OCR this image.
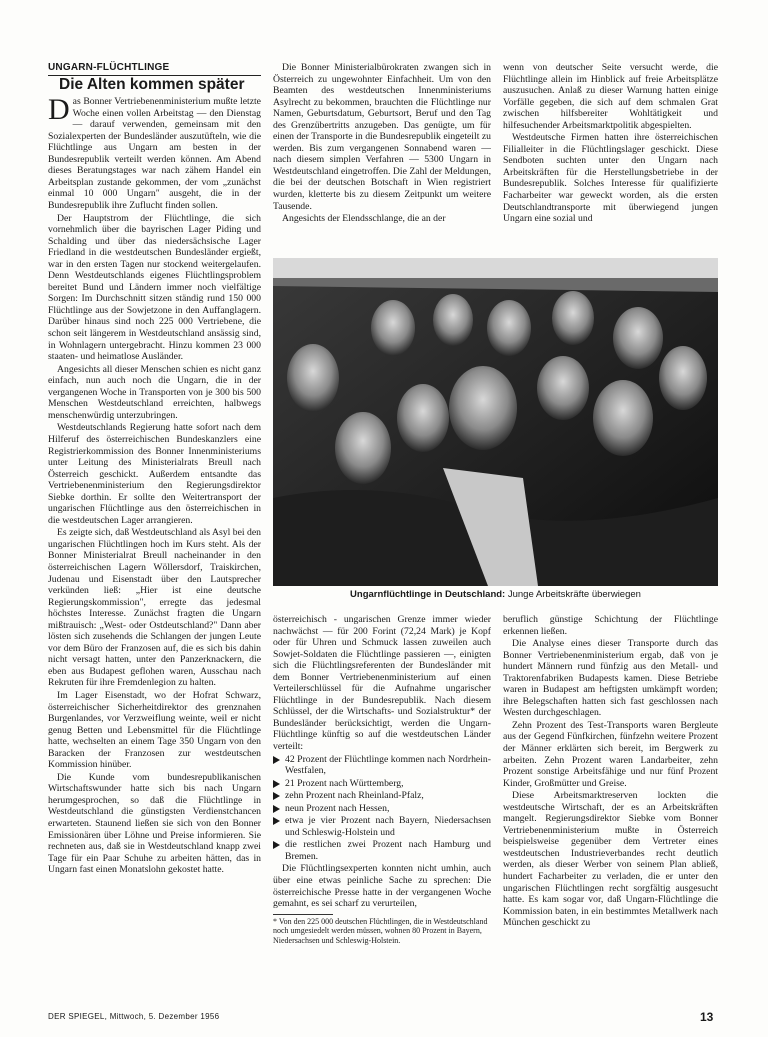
UNGARN-FLÜCHTLINGE
Die Alten kommen später

Das Bonner Vertriebenenministerium mußte letzte Woche einen vollen Arbeitstag — den Dienstag — darauf verwenden, gemeinsam mit den Sozialexperten der Bundesländer auszutüfteln, wie die Flüchtlinge aus Ungarn am besten in der Bundesrepublik verteilt werden können. Am Abend dieses Beratungstages war nach zähem Handel ein Arbeitsplan zustande gekommen, der vom „zunächst einmal 10 000 Ungarn" ausgeht, die in der Bundesrepublik ihre Zuflucht finden sollen.

Der Hauptstrom der Flüchtlinge, die sich vornehmlich über die bayrischen Lager Piding und Schalding und über das niedersächsische Lager Friedland in die westdeutschen Bundesländer ergießt, war in den ersten Tagen nur stockend weitergelaufen. Denn Westdeutschlands eigenes Flüchtlingsproblem bereitet Bund und Ländern immer noch vielfältige Sorgen: Im Durchschnitt sitzen ständig rund 150 000 Flüchtlinge aus der Sowjetzone in den Auffanglagern. Darüber hinaus sind noch 225 000 Vertriebene, die schon seit längerem in Westdeutschland ansässig sind, in Wohnlagern untergebracht. Hinzu kommen 23 000 staaten- und heimatlose Ausländer.

Angesichts all dieser Menschen schien es nicht ganz einfach, nun auch noch die Ungarn, die in der vergangenen Woche in Transporten von je 300 bis 500 Menschen Westdeutschland erreichten, halbwegs menschenwürdig unterzubringen.

Westdeutschlands Regierung hatte sofort nach dem Hilferuf des österreichischen Bundeskanzlers eine Registrierkommission des Bonner Innenministeriums unter Leitung des Ministerialrats Breull nach Österreich geschickt. Außerdem entsandte das Vertriebenenministerium den Regierungsdirektor Siebke dorthin. Er sollte den Weitertransport der ungarischen Flüchtlinge aus den österreichischen in die westdeutschen Lager arrangieren.

Es zeigte sich, daß Westdeutschland als Asyl bei den ungarischen Flüchtlingen hoch im Kurs steht. Als der Bonner Ministerialrat Breull nacheinander in den österreichischen Lagern Wöllersdorf, Traiskirchen, Judenau und Eisenstadt über den Lautsprecher verkünden ließ: „Hier ist eine deutsche Regierungskommission", erregte das jedesmal höchstes Interesse. Zunächst fragten die Ungarn mißtrauisch: „West- oder Ostdeutschland?" Dann aber lösten sich zusehends die Schlangen der jungen Leute vor dem Büro der Franzosen auf, die es sich bis dahin nicht versagt hatten, unter den Panzerknackern, die eben aus Budapest geflohen waren, Ausschau nach Rekruten für ihre Fremdenlegion zu halten.

Im Lager Eisenstadt, wo der Hofrat Schwarz, österreichischer Sicherheitdirektor des grenznahen Burgenlandes, vor Verzweiflung weinte, weil er nicht genug Betten und Lebensmittel für die Flüchtlinge hatte, wechselten an einem Tage 350 Ungarn von den Baracken der Franzosen zur westdeutschen Kommission hinüber.

Die Kunde vom bundesrepublikanischen Wirtschaftswunder hatte sich bis nach Ungarn herumgesprochen, so daß die Flüchtlinge in Westdeutschland die günstigsten Verdienstchancen erwarteten. Staunend ließen sie sich von den Bonner Emissionären über Löhne und Preise informieren. Sie rechneten aus, daß sie in Westdeutschland knapp zwei Tage für ein Paar Schuhe zu arbeiten hätten, das in Ungarn fast einen Monatslohn gekostet hatte.

Die Bonner Ministerialbürokraten zwangen sich in Österreich zu ungewohnter Einfachheit. Um von den Beamten des westdeutschen Innenministeriums Asylrecht zu bekommen, brauchten die Flüchtlinge nur Namen, Geburtsdatum, Geburtsort, Beruf und den Tag des Grenzübertritts anzugeben. Das genügte, um für einen der Transporte in die Bundesrepublik eingeteilt zu werden. Bis zum vergangenen Sonnabend waren — nach diesem simplen Verfahren — 5300 Ungarn in Westdeutschland eingetroffen. Die Zahl der Meldungen, die bei der deutschen Botschaft in Wien registriert wurden, kletterte bis zu diesem Zeitpunkt um weitere Tausende.

Angesichts der Elendsschlange, die an der

wenn von deutscher Seite versucht werde, die Flüchtlinge allein im Hinblick auf freie Arbeitsplätze auszusuchen. Anlaß zu dieser Warnung hatten einige Vorfälle gegeben, die sich auf dem schmalen Grat zwischen hilfsbereiter Wohltätigkeit und hilfesuchender Arbeitsmarktpolitik abgespielten.

Westdeutsche Firmen hatten ihre österreichischen Filialleiter in die Flüchtlingslager geschickt. Diese Sendboten suchten unter den Ungarn nach Arbeitskräften für die Herstellungsbetriebe in der Bundesrepublik. Solches Interesse für qualifizierte Facharbeiter war geweckt worden, als die ersten Deutschlandtransporte mit überwiegend jungen Ungarn eine sozial und

Ungarnflüchtlinge in Deutschland: Junge Arbeitskräfte überwiegen

österreichisch - ungarischen Grenze immer wieder nachwächst — für 200 Forint (72,24 Mark) je Kopf oder für Uhren und Schmuck lassen zuweilen auch Sowjet-Soldaten die Flüchtlinge passieren —, einigten sich die Flüchtlingsreferenten der Bundesländer mit dem Bonner Vertriebenenministerium auf einen Verteilerschlüssel für die Aufnahme ungarischer Flüchtlinge in der Bundesrepublik. Nach diesem Schlüssel, der die Wirtschafts- und Sozialstruktur* der Bundesländer berücksichtigt, werden die Ungarn-Flüchtlinge künftig so auf die westdeutschen Länder verteilt:

42 Prozent der Flüchtlinge kommen nach Nordrhein-Westfalen,
21 Prozent nach Württemberg,
zehn Prozent nach Rheinland-Pfalz,
neun Prozent nach Hessen,
etwa je vier Prozent nach Bayern, Niedersachsen und Schleswig-Holstein und
die restlichen zwei Prozent nach Hamburg und Bremen.

Die Flüchtlingsexperten konnten nicht umhin, auch über eine etwas peinliche Sache zu sprechen: Die österreichische Presse hatte in der vergangenen Woche gemahnt, es sei scharf zu verurteilen,

* Von den 225 000 deutschen Flüchtlingen, die in Westdeutschland noch umgesiedelt werden müssen, wohnen 80 Prozent in Bayern, Niedersachsen und Schleswig-Holstein.

beruflich günstige Schichtung der Flüchtlinge erkennen ließen.

Die Analyse eines dieser Transporte durch das Bonner Vertriebenenministerium ergab, daß von je hundert Männern rund fünfzig aus den Metall- und Traktorenfabriken Budapests kamen. Diese Betriebe waren in Budapest am heftigsten umkämpft worden; ihre Belegschaften hatten sich fast geschlossen nach Westen durchgeschlagen.

Zehn Prozent des Test-Transports waren Bergleute aus der Gegend Fünfkirchen, fünfzehn weitere Prozent der Männer erklärten sich bereit, im Bergwerk zu arbeiten. Zehn Prozent waren Landarbeiter, zehn Prozent sonstige Arbeitsfähige und nur fünf Prozent Kinder, Großmütter und Greise.

Diese Arbeitsmarktreserven lockten die westdeutsche Wirtschaft, der es an Arbeitskräften mangelt. Regierungsdirektor Siebke vom Bonner Vertriebenenministerium mußte in Österreich beispielsweise gegenüber dem Vertreter eines westdeutschen Industrieverbandes recht deutlich werden, als dieser Werber von seinem Plan abließ, hundert Facharbeiter zu verladen, die er unter den ungarischen Flüchtlingen recht sorgfältig ausgesucht hatte. Es kam sogar vor, daß Ungarn-Flüchtlinge die Kommission baten, in ein bestimmtes Metallwerk nach München geschickt zu

DER SPIEGEL, Mittwoch, 5. Dezember 1956	13
